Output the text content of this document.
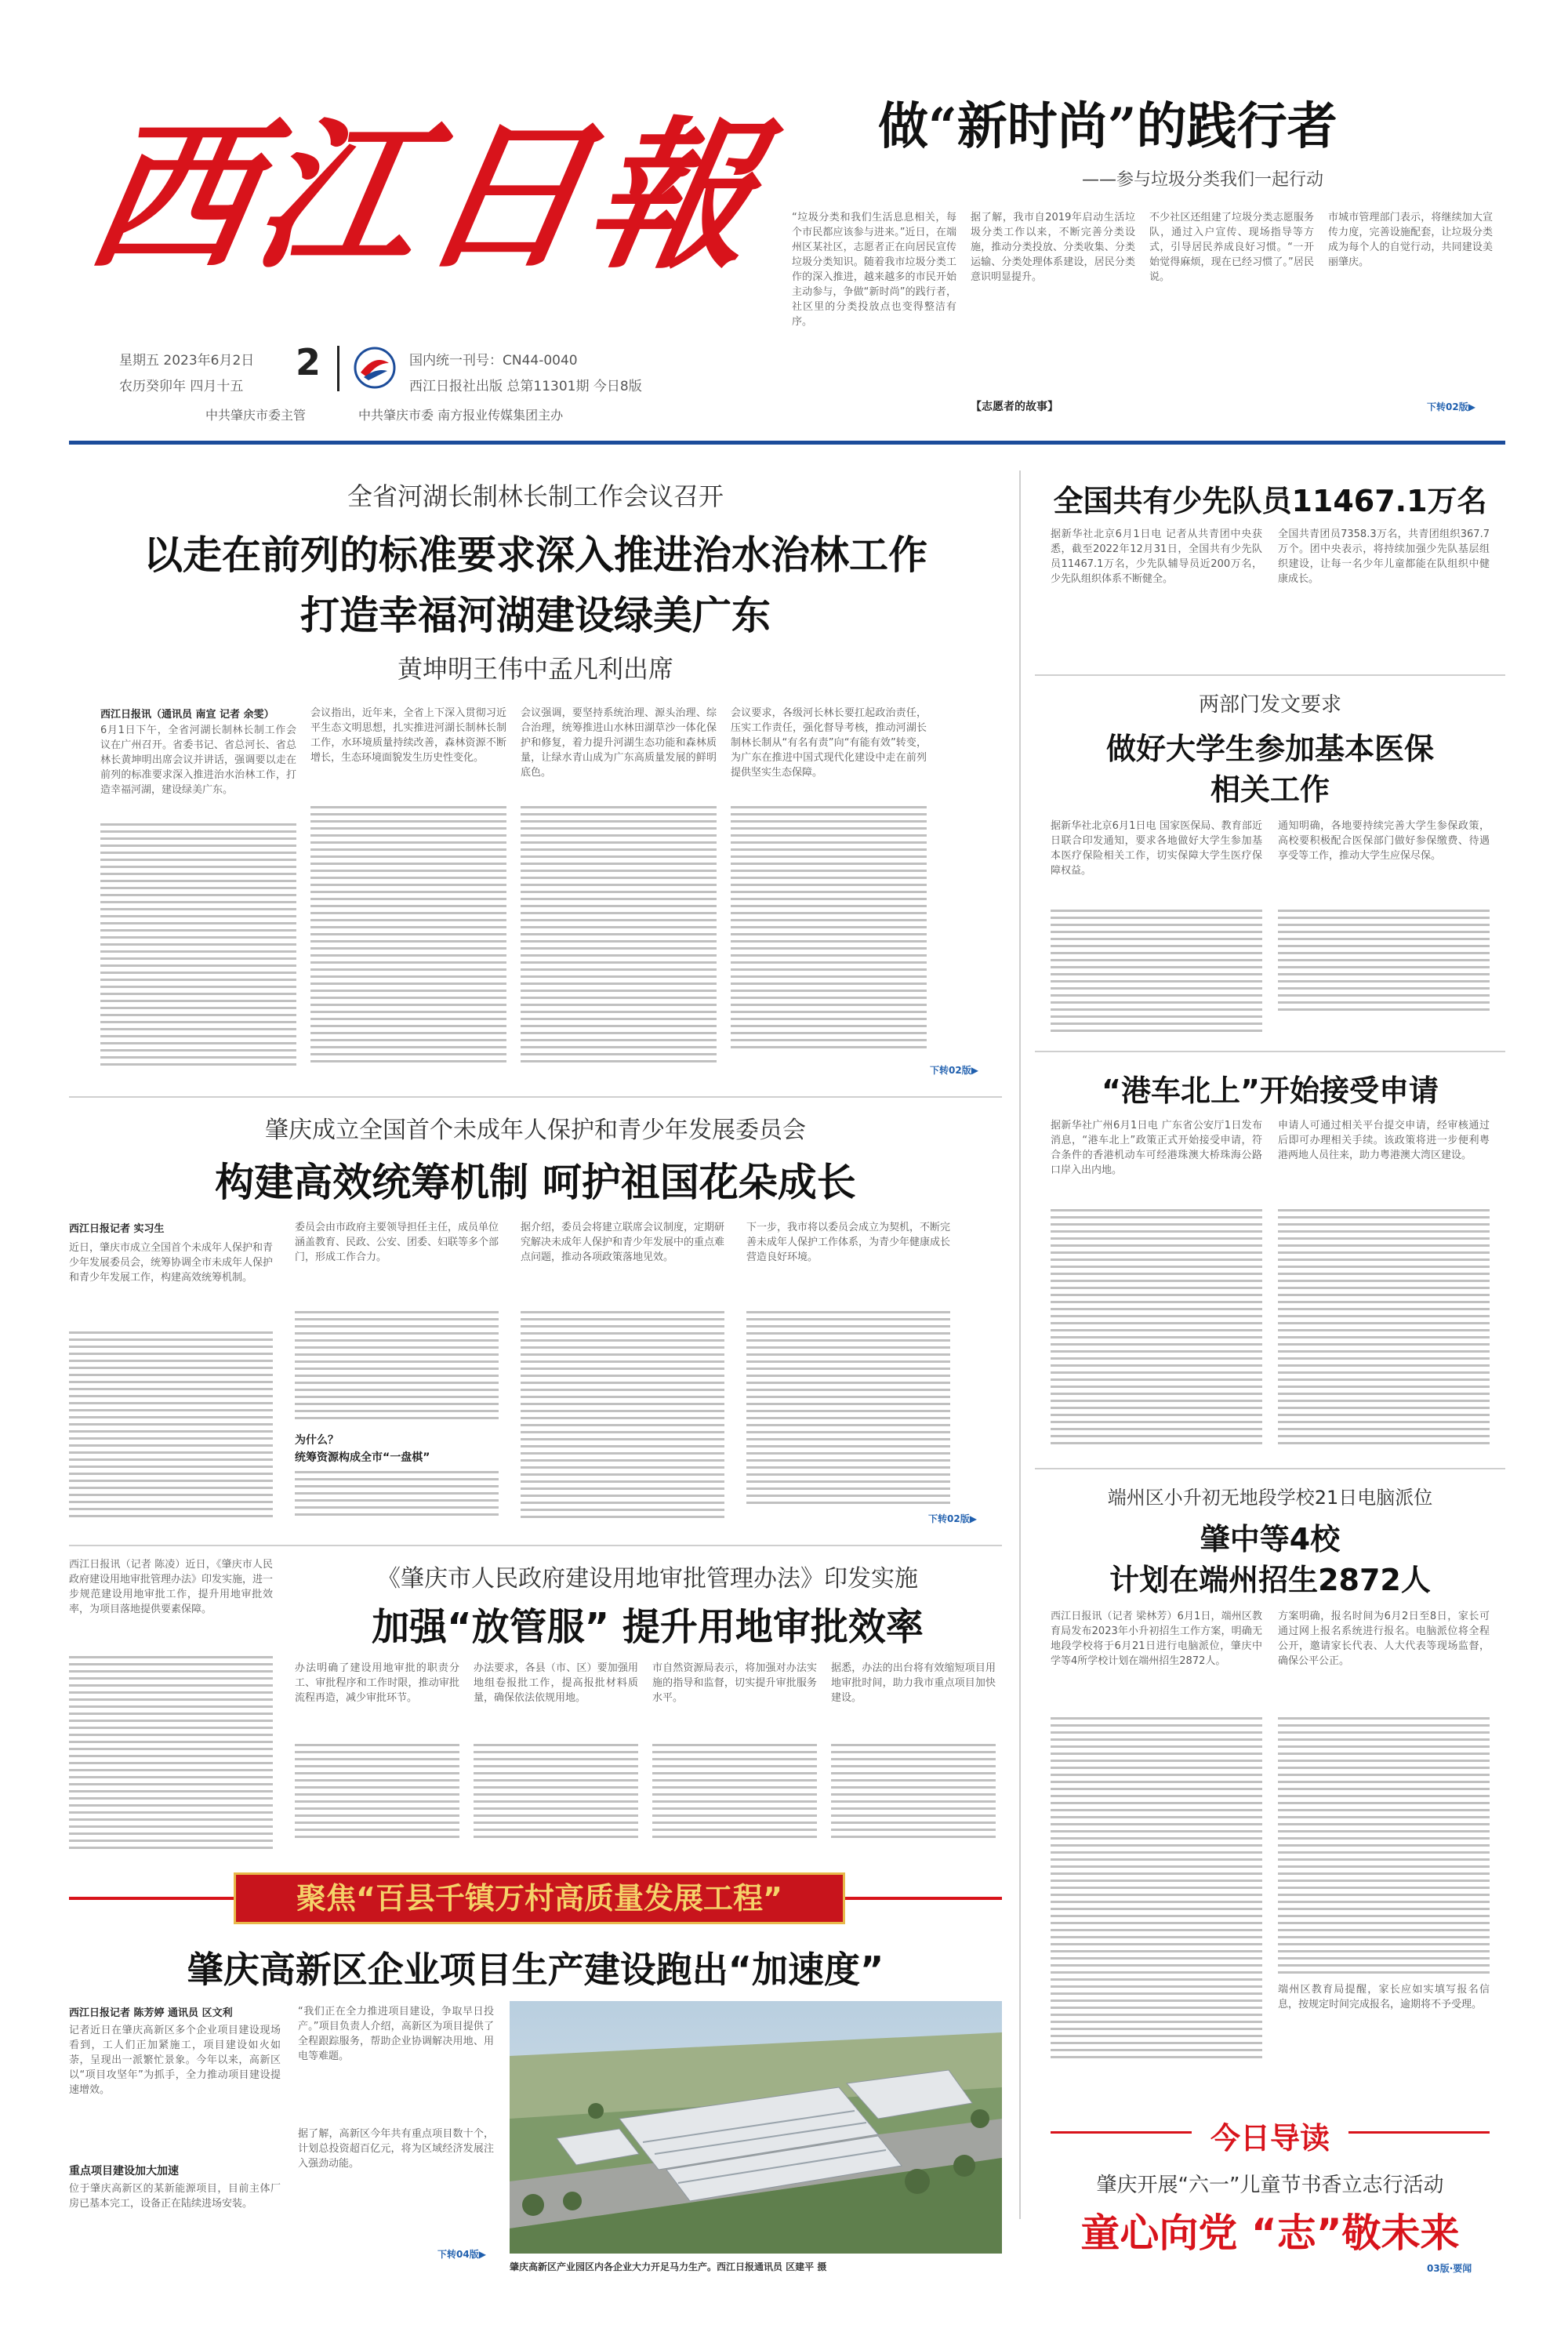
西江日報
星期五 2023年6月2日
农历癸卯年 四月十五
2	国内统一刊号：CN44-0040
西江日报社出版 总第11301期 今日8版
中共肇庆市委主管	中共肇庆市委 南方报业传媒集团主办
做“新时尚”的践行者
——参与垃圾分类我们一起行动
“垃圾分类和我们生活息息相关，每个市民都应该参与进来。”近日，在端州区某社区，志愿者正在向居民宣传垃圾分类知识。随着我市垃圾分类工作的深入推进，越来越多的市民开始主动参与，争做“新时尚”的践行者，社区里的分类投放点也变得整洁有序。
据了解，我市自2019年启动生活垃圾分类工作以来，不断完善分类设施，推动分类投放、分类收集、分类运输、分类处理体系建设，居民分类意识明显提升。
不少社区还组建了垃圾分类志愿服务队，通过入户宣传、现场指导等方式，引导居民养成良好习惯。“一开始觉得麻烦，现在已经习惯了。”居民说。
市城市管理部门表示，将继续加大宣传力度，完善设施配套，让垃圾分类成为每个人的自觉行动，共同建设美丽肇庆。
【志愿者的故事】	下转02版▶
全省河湖长制林长制工作会议召开
以走在前列的标准要求深入推进治水治林工作
打造幸福河湖建设绿美广东
黄坤明王伟中孟凡利出席
西江日报讯（通讯员 南宣 记者 余雯）
6月1日下午，全省河湖长制林长制工作会议在广州召开。省委书记、省总河长、省总林长黄坤明出席会议并讲话，强调要以走在前列的标准要求深入推进治水治林工作，打造幸福河湖，建设绿美广东。
会议指出，近年来，全省上下深入贯彻习近平生态文明思想，扎实推进河湖长制林长制工作，水环境质量持续改善，森林资源不断增长，生态环境面貌发生历史性变化。
会议强调，要坚持系统治理、源头治理、综合治理，统筹推进山水林田湖草沙一体化保护和修复，着力提升河湖生态功能和森林质量，让绿水青山成为广东高质量发展的鲜明底色。
会议要求，各级河长林长要扛起政治责任，压实工作责任，强化督导考核，推动河湖长制林长制从“有名有责”向“有能有效”转变，为广东在推进中国式现代化建设中走在前列提供坚实生态保障。
下转02版▶
肇庆成立全国首个未成年人保护和青少年发展委员会
构建高效统筹机制 呵护祖国花朵成长
西江日报记者 实习生
近日，肇庆市成立全国首个未成年人保护和青少年发展委员会，统筹协调全市未成年人保护和青少年发展工作，构建高效统筹机制。
委员会由市政府主要领导担任主任，成员单位涵盖教育、民政、公安、团委、妇联等多个部门，形成工作合力。
为什么？
统筹资源构成全市“一盘棋”
据介绍，委员会将建立联席会议制度，定期研究解决未成年人保护和青少年发展中的重点难点问题，推动各项政策落地见效。
下一步，我市将以委员会成立为契机，不断完善未成年人保护工作体系，为青少年健康成长营造良好环境。
下转02版▶
西江日报讯（记者 陈凌）近日，《肇庆市人民政府建设用地审批管理办法》印发实施，进一步规范建设用地审批工作，提升用地审批效率，为项目落地提供要素保障。
《肇庆市人民政府建设用地审批管理办法》印发实施
加强“放管服” 提升用地审批效率
办法明确了建设用地审批的职责分工、审批程序和工作时限，推动审批流程再造，减少审批环节。
办法要求，各县（市、区）要加强用地组卷报批工作，提高报批材料质量，确保依法依规用地。
市自然资源局表示，将加强对办法实施的指导和监督，切实提升审批服务水平。
据悉，办法的出台将有效缩短项目用地审批时间，助力我市重点项目加快建设。
聚焦“百县千镇万村高质量发展工程”
肇庆高新区企业项目生产建设跑出“加速度”
西江日报记者 陈芳婷 通讯员 区文利
记者近日在肇庆高新区多个企业项目建设现场看到，工人们正加紧施工，项目建设如火如荼，呈现出一派繁忙景象。今年以来，高新区以“项目攻坚年”为抓手，全力推动项目建设提速增效。
重点项目建设加大加速
位于肇庆高新区的某新能源项目，目前主体厂房已基本完工，设备正在陆续进场安装。
“我们正在全力推进项目建设，争取早日投产。”项目负责人介绍，高新区为项目提供了全程跟踪服务，帮助企业协调解决用地、用电等难题。
据了解，高新区今年共有重点项目数十个，计划总投资超百亿元，将为区域经济发展注入强劲动能。
下转04版▶
肇庆高新区产业园区内各企业大力开足马力生产。西江日报通讯员 区建平 摄
全国共有少先队员11467.1万名
据新华社北京6月1日电 记者从共青团中央获悉，截至2022年12月31日，全国共有少先队员11467.1万名，少先队辅导员近200万名，少先队组织体系不断健全。
全国共青团员7358.3万名，共青团组织367.7万个。团中央表示，将持续加强少先队基层组织建设，让每一名少年儿童都能在队组织中健康成长。
两部门发文要求
做好大学生参加基本医保
相关工作
据新华社北京6月1日电 国家医保局、教育部近日联合印发通知，要求各地做好大学生参加基本医疗保险相关工作，切实保障大学生医疗保障权益。
通知明确，各地要持续完善大学生参保政策，高校要积极配合医保部门做好参保缴费、待遇享受等工作，推动大学生应保尽保。
“港车北上”开始接受申请
据新华社广州6月1日电 广东省公安厅1日发布消息，“港车北上”政策正式开始接受申请，符合条件的香港机动车可经港珠澳大桥珠海公路口岸入出内地。
申请人可通过相关平台提交申请，经审核通过后即可办理相关手续。该政策将进一步便利粤港两地人员往来，助力粤港澳大湾区建设。
端州区小升初无地段学校21日电脑派位
肇中等4校
计划在端州招生2872人
西江日报讯（记者 梁林芳）6月1日，端州区教育局发布2023年小升初招生工作方案，明确无地段学校将于6月21日进行电脑派位，肇庆中学等4所学校计划在端州招生2872人。
方案明确，报名时间为6月2日至8日，家长可通过网上报名系统进行报名。电脑派位将全程公开，邀请家长代表、人大代表等现场监督，确保公平公正。
端州区教育局提醒，家长应如实填写报名信息，按规定时间完成报名，逾期将不予受理。
今日导读
肇庆开展“六一”儿童节书香立志行活动
童心向党 “志”敬未来
03版·要闻
